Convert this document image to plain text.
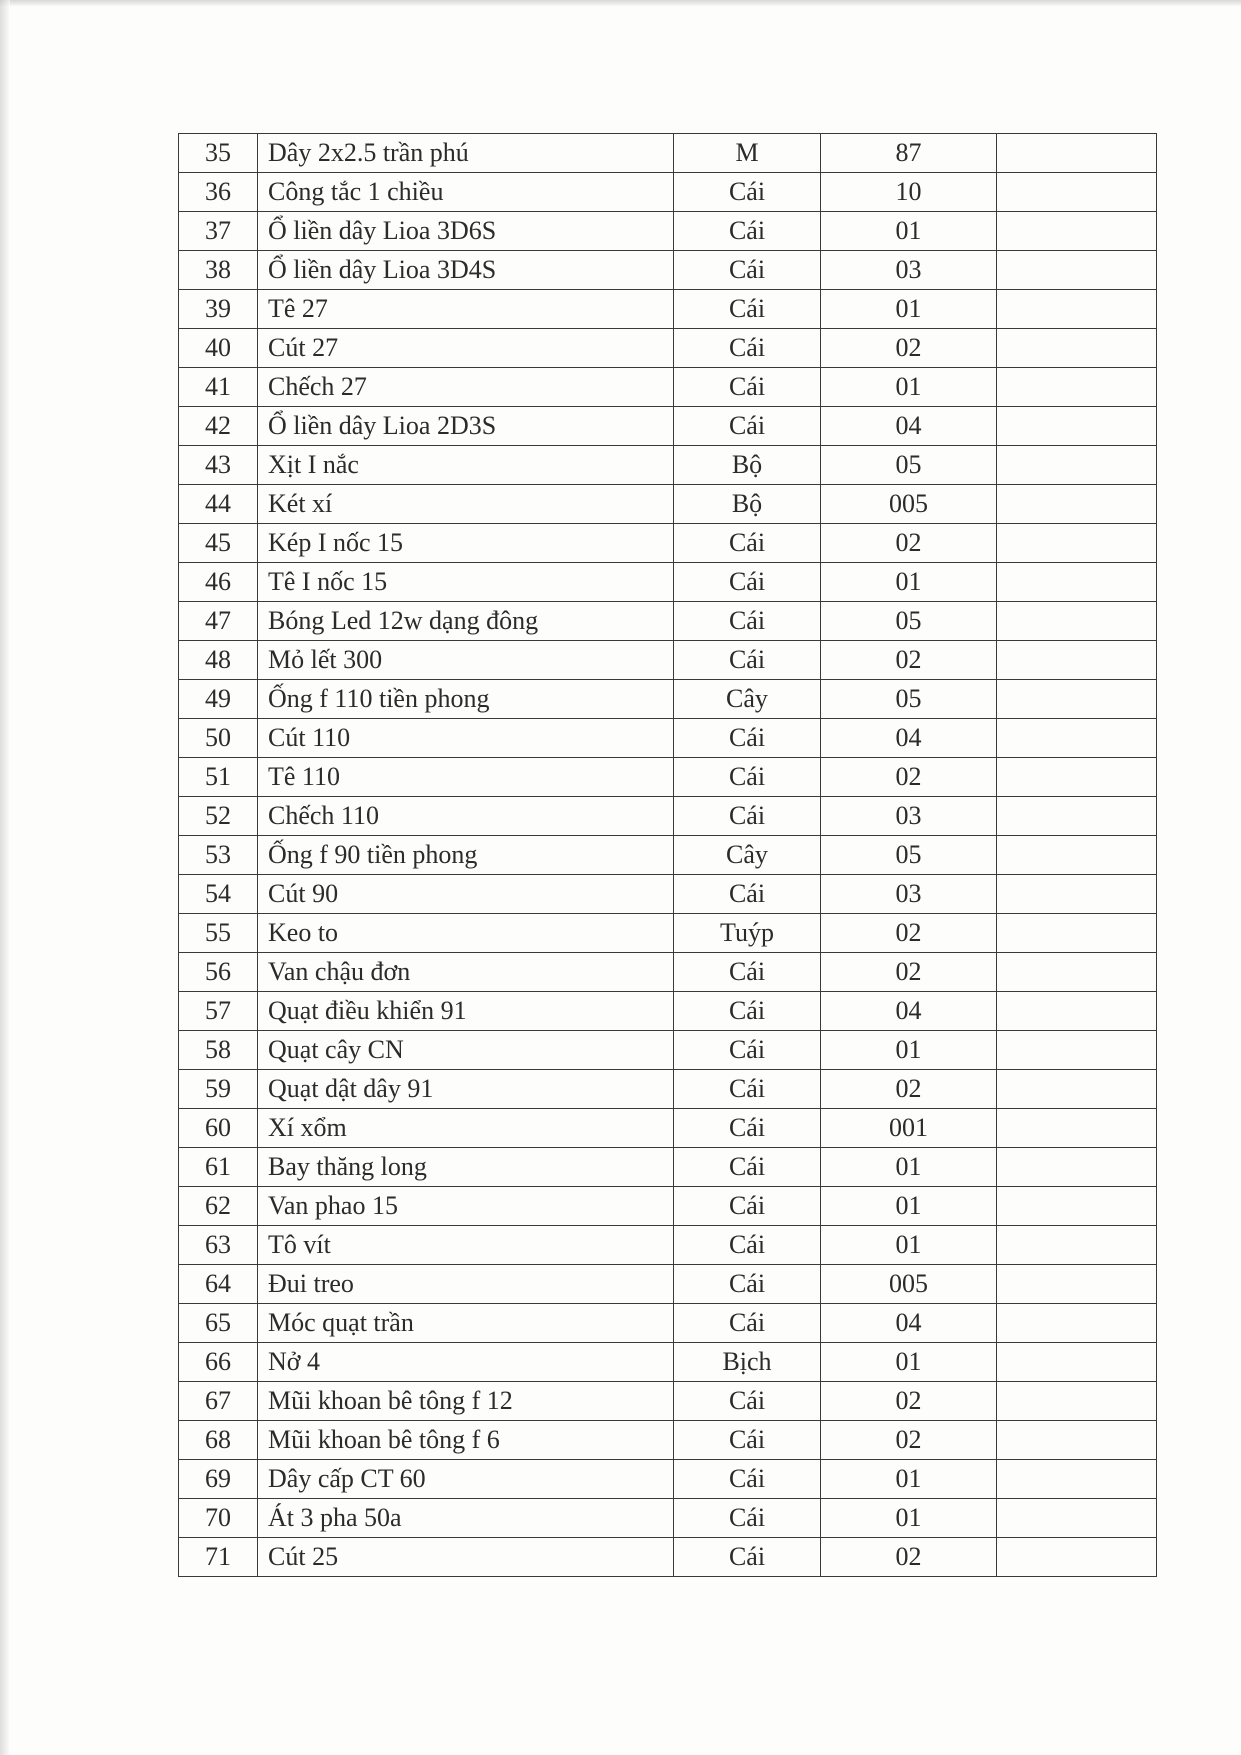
35	Dây 2x2.5 trần phú	M	87	
36	Công tắc 1 chiều	Cái	10	
37	Ổ liền dây Lioa 3D6S	Cái	01	
38	Ổ liền dây Lioa 3D4S	Cái	03	
39	Tê 27	Cái	01	
40	Cút 27	Cái	02	
41	Chếch 27	Cái	01	
42	Ổ liền dây Lioa 2D3S	Cái	04	
43	Xịt I nắc	Bộ	05	
44	Két xí	Bộ	005	
45	Kép I nốc 15	Cái	02	
46	Tê I nốc 15	Cái	01	
47	Bóng Led 12w dạng đông	Cái	05	
48	Mỏ lết 300	Cái	02	
49	Ống f 110 tiền phong	Cây	05	
50	Cút 110	Cái	04	
51	Tê 110	Cái	02	
52	Chếch 110	Cái	03	
53	Ống f 90 tiền phong	Cây	05	
54	Cút 90	Cái	03	
55	Keo to	Tuýp	02	
56	Van chậu đơn	Cái	02	
57	Quạt điều khiển 91	Cái	04	
58	Quạt cây CN	Cái	01	
59	Quạt dật dây 91	Cái	02	
60	Xí xổm	Cái	001	
61	Bay thăng long	Cái	01	
62	Van phao 15	Cái	01	
63	Tô vít	Cái	01	
64	Đui treo	Cái	005	
65	Móc quạt trần	Cái	04	
66	Nở 4	Bịch	01	
67	Mũi khoan bê tông f 12	Cái	02	
68	Mũi khoan bê tông f 6	Cái	02	
69	Dây cấp CT 60	Cái	01	
70	Át 3 pha 50a	Cái	01	
71	Cút 25	Cái	02	
